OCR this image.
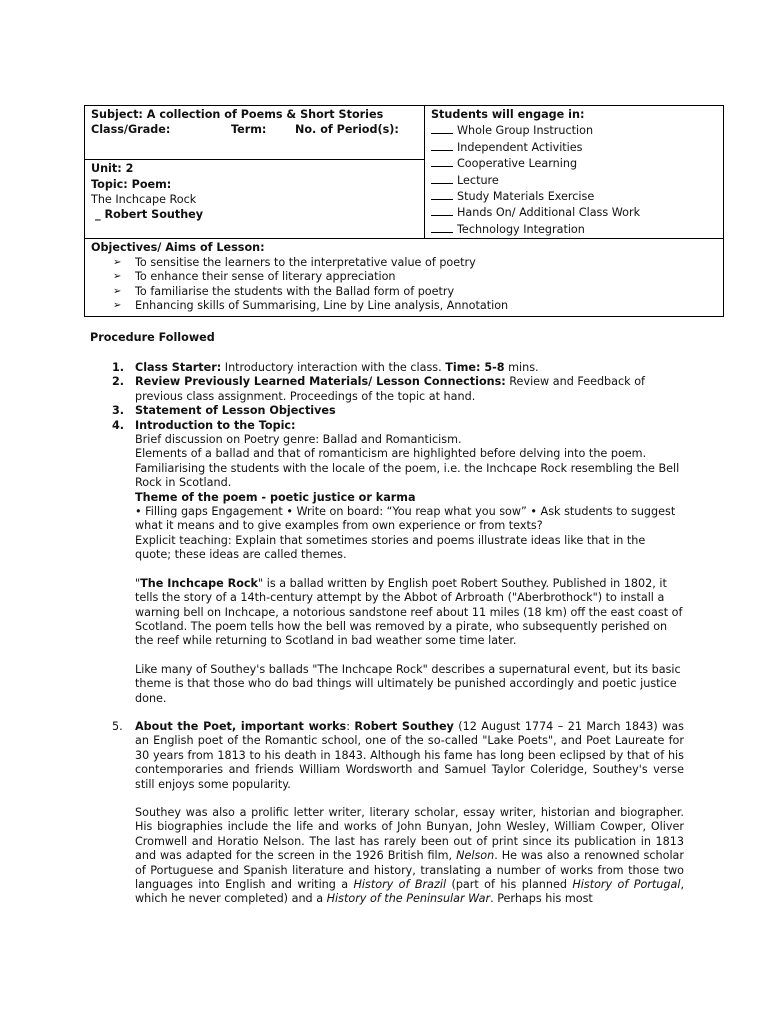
Subject: A collection of Poems & Short Stories
Class/Grade:	Term:	No. of Period(s):

Students will engage in:
Whole Group Instruction
Independent Activities
Cooperative Learning
Lecture
Study Materials Exercise
Hands On/ Additional Class Work
Technology Integration

Unit: 2
Topic: Poem:
The Inchcape Rock
_ Robert Southey

Objectives/ Aims of Lesson:
➢ To sensitise the learners to the interpretative value of poetry
➢ To enhance their sense of literary appreciation
➢ To familiarise the students with the Ballad form of poetry
➢ Enhancing skills of Summarising, Line by Line analysis, Annotation
Procedure Followed
1. Class Starter: Introductory interaction with the class. Time: 5-8 mins.
2. Review Previously Learned Materials/ Lesson Connections: Review and Feedback of previous class assignment. Proceedings of the topic at hand.
3. Statement of Lesson Objectives
4. Introduction to the Topic:

Brief discussion on Poetry genre: Ballad and Romanticism.

Elements of a ballad and that of romanticism are highlighted before delving into the poem.

Familiarising the students with the locale of the poem, i.e. the Inchcape Rock resembling the Bell Rock in Scotland.

Theme of the poem - poetic justice or karma

• Filling gaps Engagement • Write on board: “You reap what you sow” • Ask students to suggest what it means and to give examples from own experience or from texts?

Explicit teaching: Explain that sometimes stories and poems illustrate ideas like that in the quote; these ideas are called themes.

"The Inchcape Rock" is a ballad written by English poet Robert Southey. Published in 1802, it tells the story of a 14th-century attempt by the Abbot of Arbroath ("Aberbrothock") to install a warning bell on Inchcape, a notorious sandstone reef about 11 miles (18 km) off the east coast of Scotland. The poem tells how the bell was removed by a pirate, who subsequently perished on the reef while returning to Scotland in bad weather some time later.

Like many of Southey's ballads "The Inchcape Rock" describes a supernatural event, but its basic theme is that those who do bad things will ultimately be punished accordingly and poetic justice done.

5. About the Poet, important works: Robert Southey (12 August 1774 – 21 March 1843) was an English poet of the Romantic school, one of the so-called "Lake Poets", and Poet Laureate for 30 years from 1813 to his death in 1843. Although his fame has long been eclipsed by that of his contemporaries and friends William Wordsworth and Samuel Taylor Coleridge, Southey's verse still enjoys some popularity.

Southey was also a prolific letter writer, literary scholar, essay writer, historian and biographer. His biographies include the life and works of John Bunyan, John Wesley, William Cowper, Oliver Cromwell and Horatio Nelson. The last has rarely been out of print since its publication in 1813 and was adapted for the screen in the 1926 British film, Nelson. He was also a renowned scholar of Portuguese and Spanish literature and history, translating a number of works from those two languages into English and writing a History of Brazil (part of his planned History of Portugal, which he never completed) and a History of the Peninsular War. Perhaps his most
